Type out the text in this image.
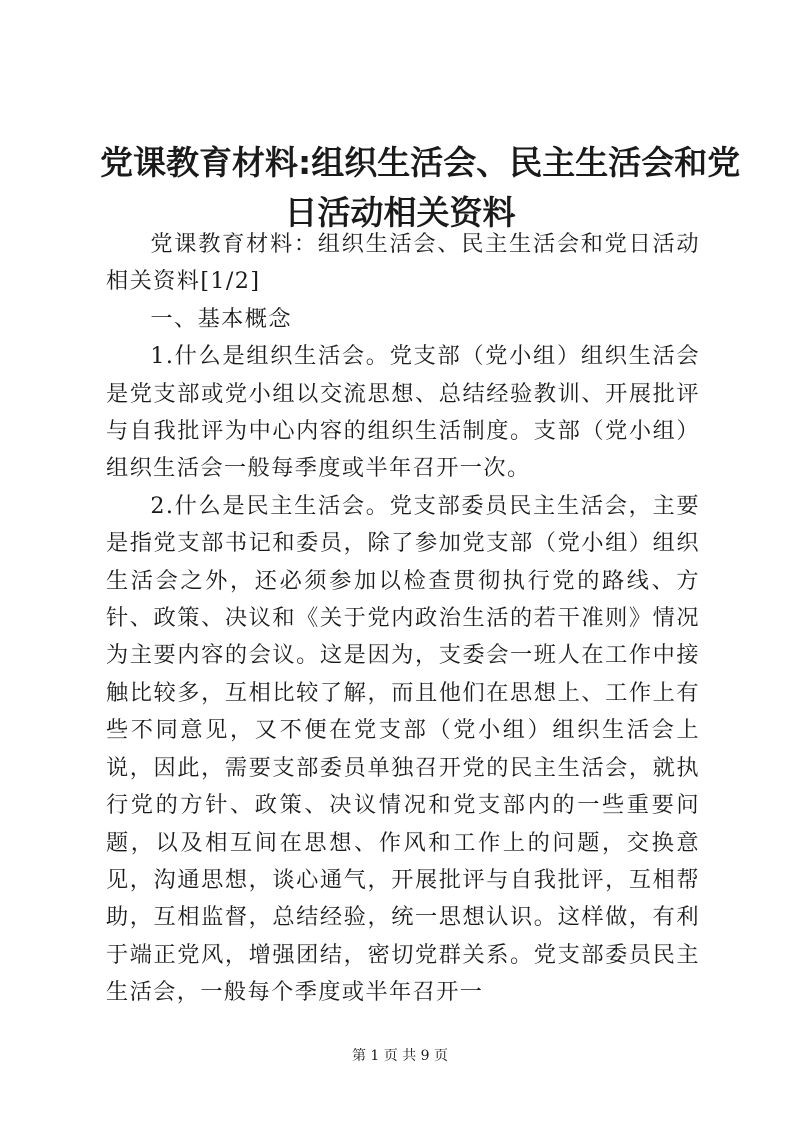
党课教育材料:组织生活会、民主生活会和党
日活动相关资料

党课教育材料：组织生活会、民主生活会和党日活动相关资料[1/2]

一、基本概念

1.什么是组织生活会。党支部（党小组）组织生活会是党支部或党小组以交流思想、总结经验教训、开展批评与自我批评为中心内容的组织生活制度。支部（党小组）组织生活会一般每季度或半年召开一次。

2.什么是民主生活会。党支部委员民主生活会，主要是指党支部书记和委员，除了参加党支部（党小组）组织生活会之外，还必须参加以检查贯彻执行党的路线、方针、政策、决议和《关于党内政治生活的若干准则》情况为主要内容的会议。这是因为，支委会一班人在工作中接触比较多，互相比较了解，而且他们在思想上、工作上有些不同意见，又不便在党支部（党小组）组织生活会上说，因此，需要支部委员单独召开党的民主生活会，就执行党的方针、政策、决议情况和党支部内的一些重要问题，以及相互间在思想、作风和工作上的问题，交换意见，沟通思想，谈心通气，开展批评与自我批评，互相帮助，互相监督，总结经验，统一思想认识。这样做，有利于端正党风，增强团结，密切党群关系。党支部委员民主生活会，一般每个季度或半年召开一

第 1 页 共 9 页
